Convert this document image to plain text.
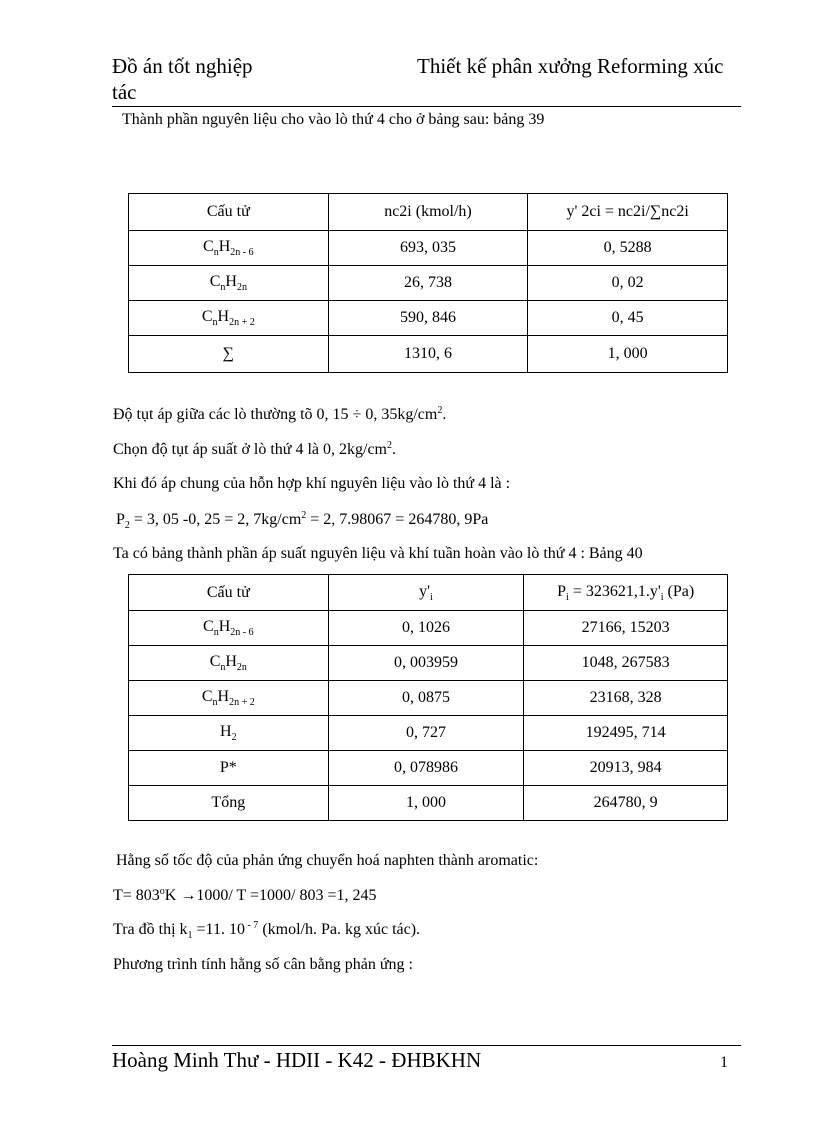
Đồ án tốt nghiệp	Thiết kế phân xưởng Reforming xúc
tác
Thành phần nguyên liệu cho vào lò thứ 4 cho ở bảng sau: bảng 39
Cấu tử	nc2i (kmol/h)	y' 2ci = nc2i/∑nc2i
$C_nH_{2n - 6}$	693, 035	0, 5288
$C_nH_{2n}$	26, 738	0, 02
$C_nH_{2n + 2}$	590, 846	0, 45
∑	1310, 6	1, 000
Độ tụt áp giữa các lò thường tõ 0, 15 ÷ 0, $35kg/cm^2$.
Chọn độ tụt áp suất ở lò thứ 4 là 0, $2kg/cm^2$.
Khi đó áp chung của hỗn hợp khí nguyên liệu vào lò thứ 4 là :
$P_2 = 3$, 05 -0, 25 = 2, $7kg/cm^2 = 2$, 7.98067 = 264780, 9Pa
Ta có bảng thành phần áp suất nguyên liệu và khí tuần hoàn vào lò thứ 4 : Bảng 40
Cấu tử	$y'_i$	$P_i = 323621,1.y'_i$ (Pa)
$C_nH_{2n - 6}$	0, 1026	27166, 15203
$C_nH_{2n}$	0, 003959	1048, 267583
$C_nH_{2n + 2}$	0, 0875	23168, 328
$H_2$	0, 727	192495, 714
P*	0, 078986	20913, 984
Tổng	1, 000	264780, 9
Hằng số tốc độ của phản ứng chuyển hoá naphten thành aromatic:
$T= 803^oK \to 1000/$ T =1000/ 803 =1, 245
Tra đồ thị $k_1 =11$. 10 $^{- 7}$ (kmol/h. Pa. kg xúc tác).
Phương trình tính hằng số cân bằng phản ứng :
Hoàng Minh Thư - HDII - K42 - ĐHBKHN	1
